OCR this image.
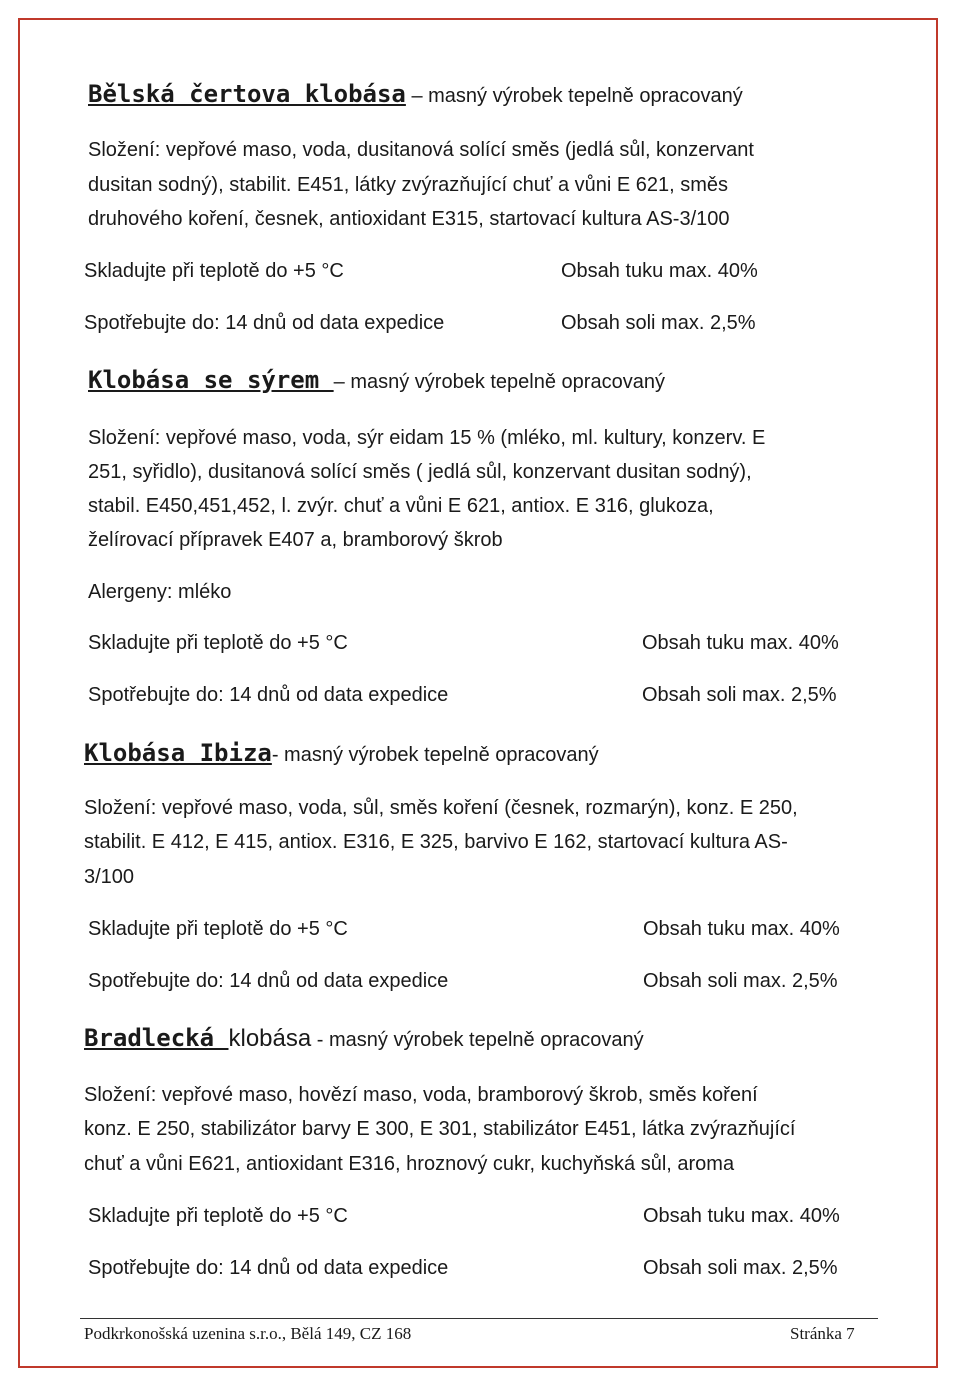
Bělská čertova klobása – masný výrobek tepelně opracovaný
Složení: vepřové maso, voda, dusitanová solící směs (jedlá sůl, konzervant
dusitan sodný), stabilit. E451, látky zvýrazňující chuť a vůni E 621, směs
druhového koření, česnek, antioxidant E315, startovací kultura AS-3/100
Skladujte při teplotě do +5 °C	Obsah tuku max. 40%
Spotřebujte do: 14 dnů od data expedice	Obsah soli max. 2,5%
Klobása se sýrem – masný výrobek tepelně opracovaný
Složení: vepřové maso, voda, sýr eidam 15 % (mléko, ml. kultury, konzerv. E
251, syřidlo), dusitanová solící směs ( jedlá sůl, konzervant dusitan sodný),
stabil. E450,451,452, l. zvýr. chuť a vůni E 621, antiox. E 316, glukoza,
želírovací přípravek E407 a, bramborový škrob
Alergeny: mléko
Skladujte při teplotě do +5 °C	Obsah tuku max. 40%
Spotřebujte do: 14 dnů od data expedice	Obsah soli max. 2,5%
Klobása Ibiza- masný výrobek tepelně opracovaný
Složení: vepřové maso, voda, sůl, směs koření (česnek, rozmarýn), konz. E 250,
stabilit. E 412, E 415, antiox. E316, E 325, barvivo E 162, startovací kultura AS-
3/100
Skladujte při teplotě do +5 °C	Obsah tuku max. 40%
Spotřebujte do: 14 dnů od data expedice	Obsah soli max. 2,5%
Bradlecká klobása - masný výrobek tepelně opracovaný
Složení: vepřové maso, hovězí maso, voda, bramborový škrob, směs koření
konz. E 250, stabilizátor barvy E 300, E 301, stabilizátor E451, látka zvýrazňující
chuť a vůni E621, antioxidant E316, hroznový cukr, kuchyňská sůl, aroma
Skladujte při teplotě do +5 °C	Obsah tuku max. 40%
Spotřebujte do: 14 dnů od data expedice	Obsah soli max. 2,5%
Podkrkonošská uzenina s.r.o., Bělá 149, CZ 168	Stránka 7
